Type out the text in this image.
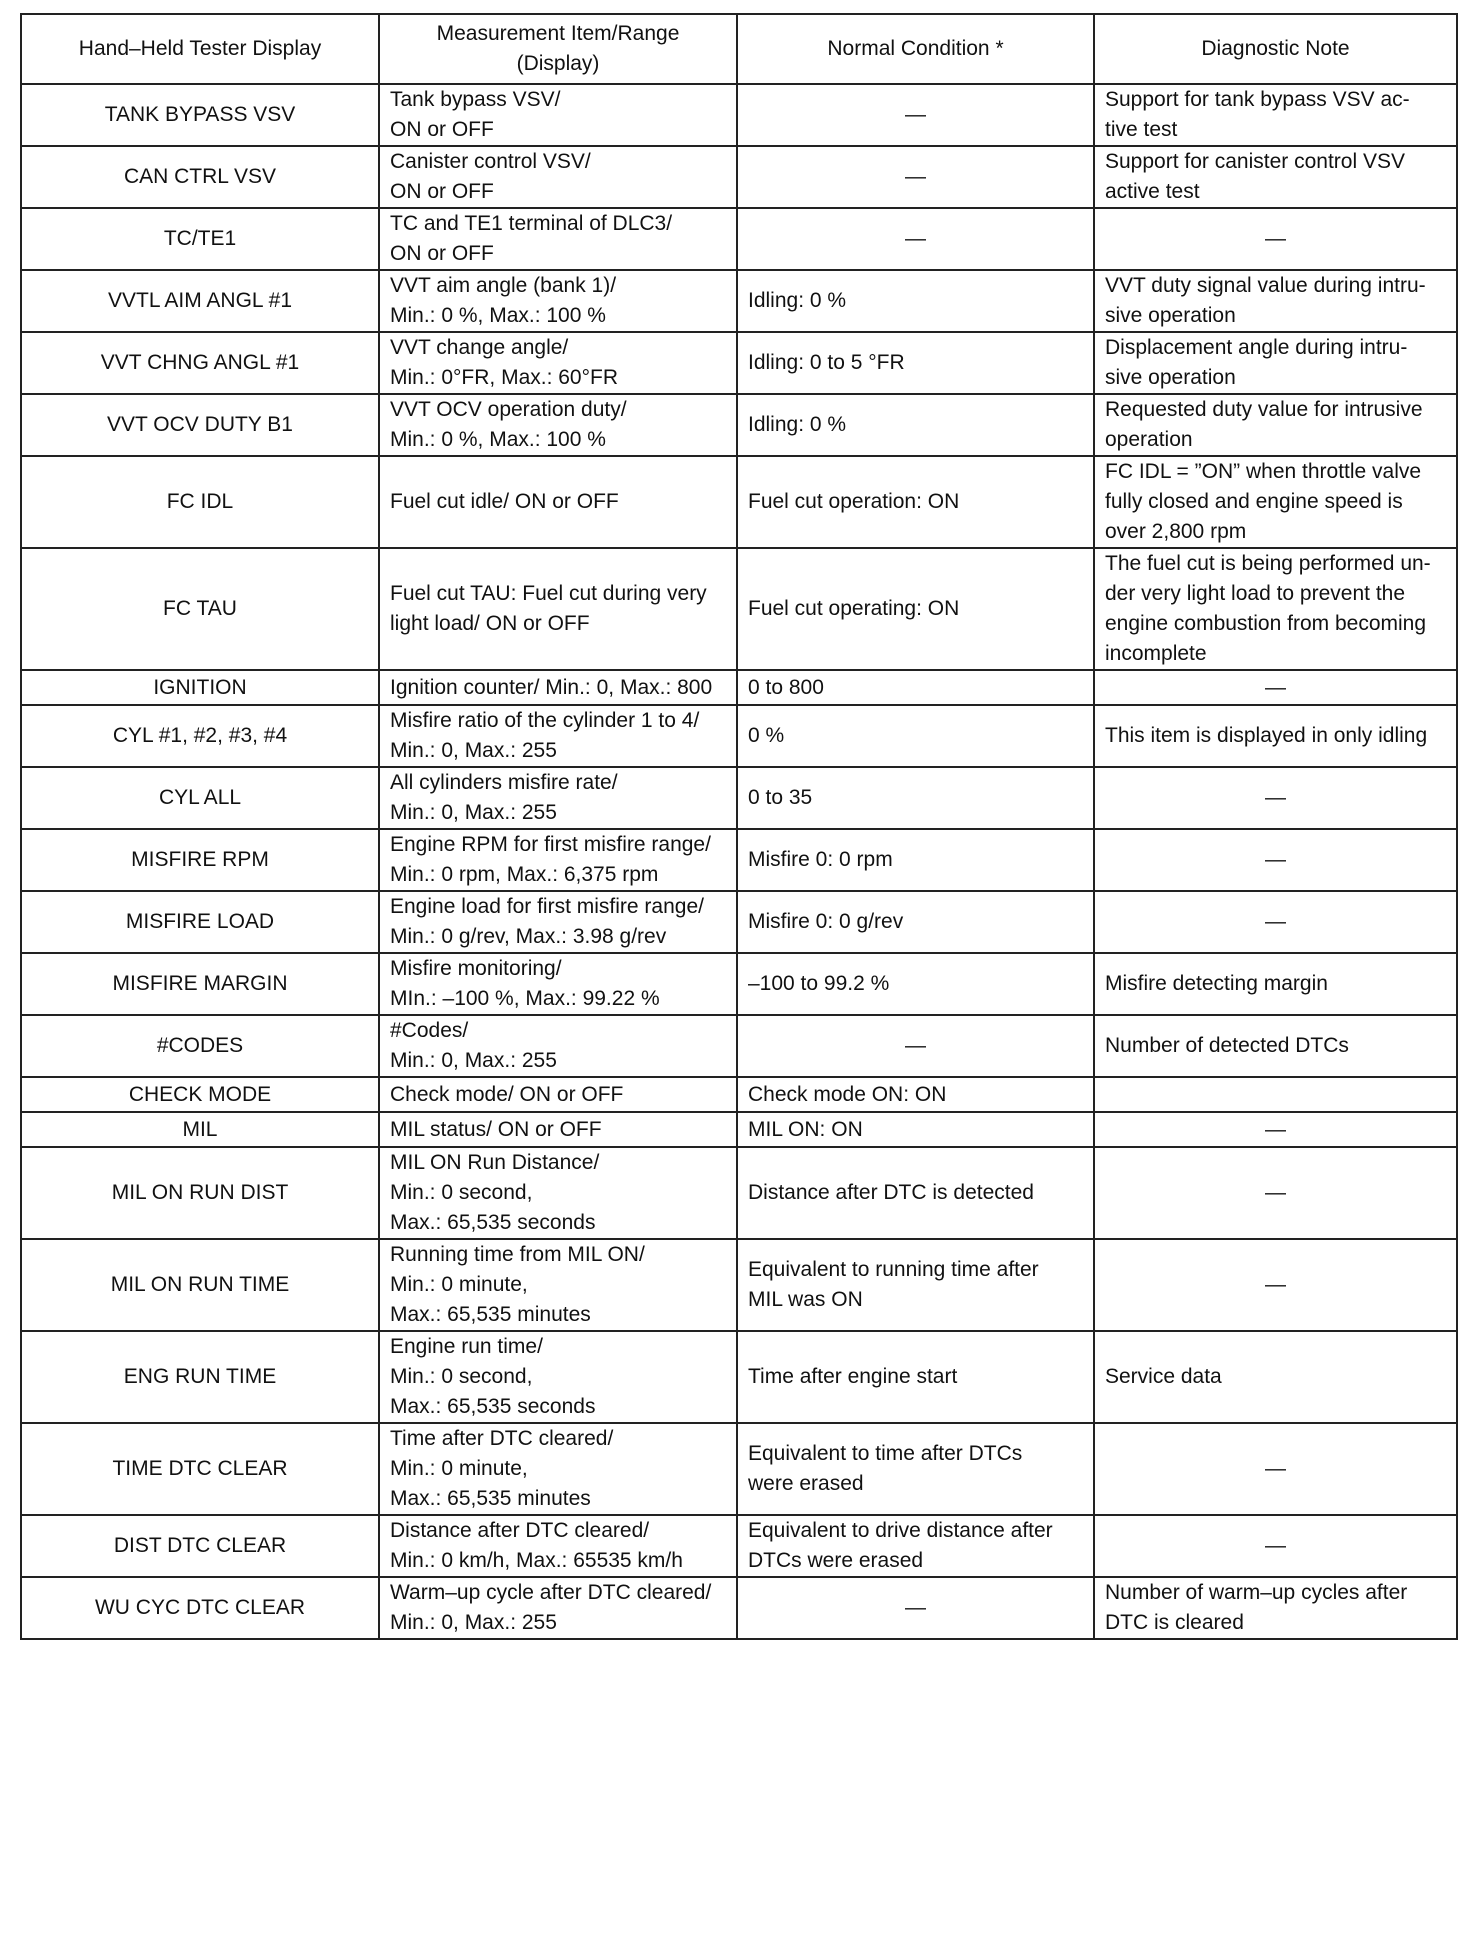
Hand–Held Tester Display	Measurement Item/Range
(Display)	Normal Condition *	Diagnostic Note
TANK BYPASS VSV	Tank bypass VSV/
ON or OFF	—	Support for tank bypass VSV ac-
tive test
CAN CTRL VSV	Canister control VSV/
ON or OFF	—	Support for canister control VSV
active test
TC/TE1	TC and TE1 terminal of DLC3/
ON or OFF	—	—
VVTL AIM ANGL #1	VVT aim angle (bank 1)/
Min.: 0 %, Max.: 100 %	Idling: 0 %	VVT duty signal value during intru-
sive operation
VVT CHNG ANGL #1	VVT change angle/
Min.: 0°FR, Max.: 60°FR	Idling: 0 to 5 °FR	Displacement angle during intru-
sive operation
VVT OCV DUTY B1	VVT OCV operation duty/
Min.: 0 %, Max.: 100 %	Idling: 0 %	Requested duty value for intrusive
operation
FC IDL	Fuel cut idle/ ON or OFF	Fuel cut operation: ON	FC IDL = ”ON” when throttle valve
fully closed and engine speed is
over 2,800 rpm
FC TAU	Fuel cut TAU: Fuel cut during very
light load/ ON or OFF	Fuel cut operating: ON	The fuel cut is being performed un-
der very light load to prevent the
engine combustion from becoming
incomplete
IGNITION	Ignition counter/ Min.: 0, Max.: 800	0 to 800	—
CYL #1, #2, #3, #4	Misfire ratio of the cylinder 1 to 4/
Min.: 0, Max.: 255	0 %	This item is displayed in only idling
CYL ALL	All cylinders misfire rate/
Min.: 0, Max.: 255	0 to 35	—
MISFIRE RPM	Engine RPM for first misfire range/
Min.: 0 rpm, Max.: 6,375 rpm	Misfire 0: 0 rpm	—
MISFIRE LOAD	Engine load for first misfire range/
Min.: 0 g/rev, Max.: 3.98 g/rev	Misfire 0: 0 g/rev	—
MISFIRE MARGIN	Misfire monitoring/
MIn.: –100 %, Max.: 99.22 %	–100 to 99.2 %	Misfire detecting margin
#CODES	#Codes/
Min.: 0, Max.: 255	—	Number of detected DTCs
CHECK MODE	Check mode/ ON or OFF	Check mode ON: ON	
MIL	MIL status/ ON or OFF	MIL ON: ON	—
MIL ON RUN DIST	MIL ON Run Distance/
Min.: 0 second,
Max.: 65,535 seconds	Distance after DTC is detected	—
MIL ON RUN TIME	Running time from MIL ON/
Min.: 0 minute,
Max.: 65,535 minutes	Equivalent to running time after
MIL was ON	—
ENG RUN TIME	Engine run time/
Min.: 0 second,
Max.: 65,535 seconds	Time after engine start	Service data
TIME DTC CLEAR	Time after DTC cleared/
Min.: 0 minute,
Max.: 65,535 minutes	Equivalent to time after DTCs
were erased	—
DIST DTC CLEAR	Distance after DTC cleared/
Min.: 0 km/h, Max.: 65535 km/h	Equivalent to drive distance after
DTCs were erased	—
WU CYC DTC CLEAR	Warm–up cycle after DTC cleared/
Min.: 0, Max.: 255	—	Number of warm–up cycles after
DTC is cleared
